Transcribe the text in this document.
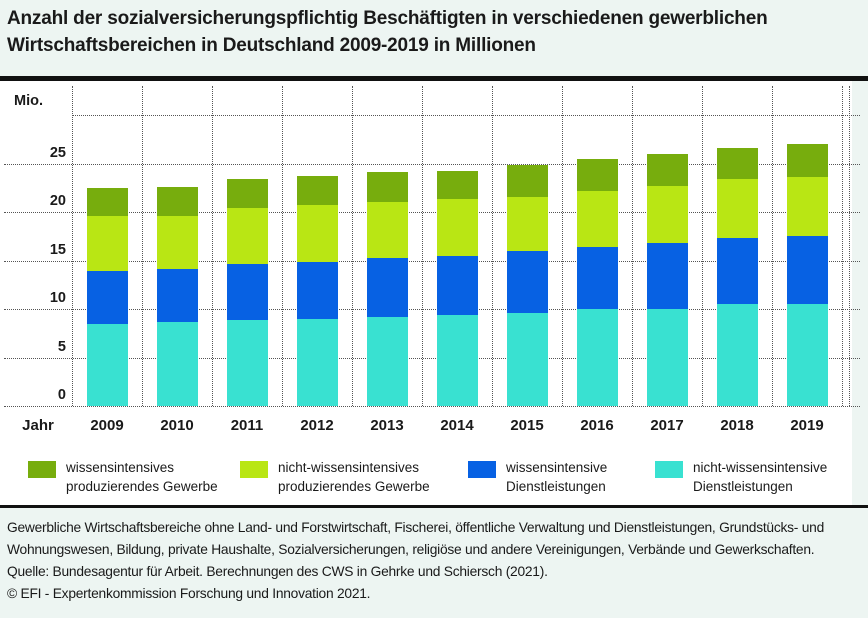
Anzahl der sozialversicherungspflichtig Beschäftigten in verschiedenen gewerblichen
Wirtschaftsbereichen in Deutschland 2009-2019 in Millionen
Mio.
0
5
10
15
20
25
2009	2010	2011	2012	2013	2014	2015	2016	2017	2018	2019
Jahr
wissensintensives
produzierendes Gewerbe
nicht-wissensintensives
produzierendes Gewerbe
wissensintensive
Dienstleistungen
nicht-wissensintensive
Dienstleistungen
Gewerbliche Wirtschaftsbereiche ohne Land- und Forstwirtschaft, Fischerei, öffentliche Verwaltung und Dienstleistungen, Grundstücks- und
Wohnungswesen, Bildung, private Haushalte, Sozialversicherungen, religiöse und andere Vereinigungen, Verbände und Gewerkschaften.
Quelle: Bundesagentur für Arbeit. Berechnungen des CWS in Gehrke und Schiersch (2021).
© EFI - Expertenkommission Forschung und Innovation 2021.
